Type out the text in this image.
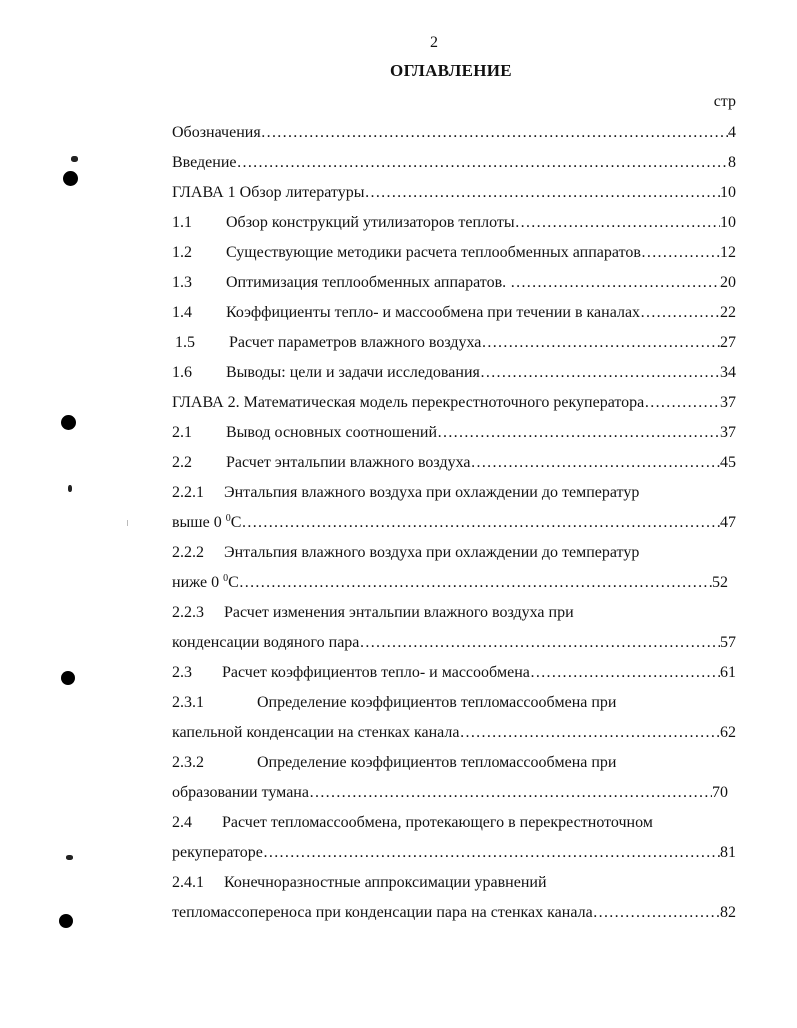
2
ОГЛАВЛЕНИЕ
стр
Обозначения ……………………………………………………………………………………………………………………………………………………………	4
Введение ……………………………………………………………………………………………………………………………………………………………	8
ГЛАВА 1 Обзор литературы ……………………………………………………………………………………………………………………………………………………………	10
1.1	Обзор конструкций утилизаторов теплоты ……………………………………………………………………………………………………………………………………………………………	10
1.2	Существующие методики расчета теплообменных аппаратов ……………………………………………………………………………………………………………………………………………………………	12
1.3	Оптимизация теплообменных аппаратов. ……………………………………………………………………………………………………………………………………………………………	20
1.4	Коэффициенты тепло- и массообмена при течении в каналах ……………………………………………………………………………………………………………………………………………………………	22
1.5	Расчет параметров влажного воздуха ……………………………………………………………………………………………………………………………………………………………	27
1.6	Выводы: цели и задачи исследования ……………………………………………………………………………………………………………………………………………………………	34
ГЛАВА 2. Математическая модель перекрестноточного рекуператора ……………………………………………………………………………………………………………………………………………………………	37
2.1	Вывод основных соотношений ……………………………………………………………………………………………………………………………………………………………	37
2.2	Расчет энтальпии влажного воздуха ……………………………………………………………………………………………………………………………………………………………	45
2.2.1	Энтальпия влажного воздуха при охлаждении до температур
выше 0 $^0$C ……………………………………………………………………………………………………………………………………………………………	47
2.2.2	Энтальпия влажного воздуха при охлаждении до температур
ниже 0 $^0$C ……………………………………………………………………………………………………………………………………………………………	52
2.2.3	Расчет изменения энтальпии влажного воздуха при
конденсации водяного пара ……………………………………………………………………………………………………………………………………………………………	57
2.3	Расчет коэффициентов тепло- и массообмена ……………………………………………………………………………………………………………………………………………………………	61
2.3.1	Определение коэффициентов тепломассообмена при
капельной конденсации на стенках канала ……………………………………………………………………………………………………………………………………………………………	62
2.3.2	Определение коэффициентов тепломассообмена при
образовании тумана ……………………………………………………………………………………………………………………………………………………………	70
2.4	Расчет тепломассообмена, протекающего в перекрестноточном
рекуператоре ……………………………………………………………………………………………………………………………………………………………	81
2.4.1	Конечноразностные аппроксимации уравнений
тепломассопереноса при конденсации пара на стенках канала ……………………………………………………………………………………………………………………………………………………………	82
